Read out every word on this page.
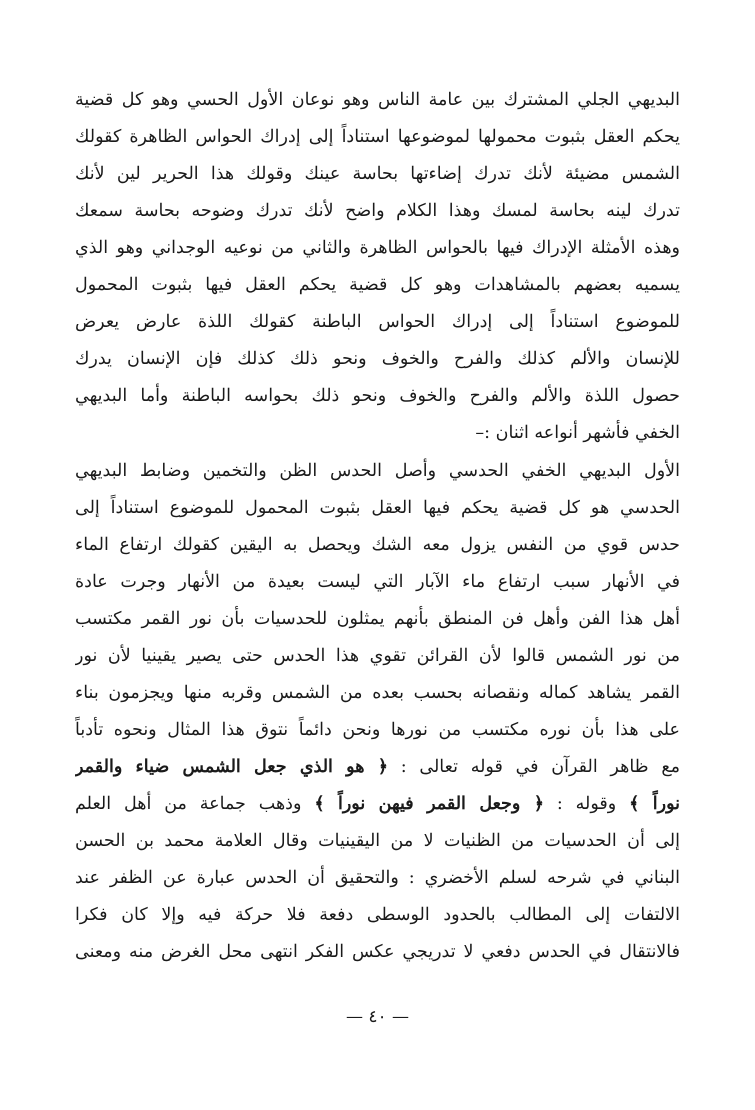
البديهي الجلي المشترك بين عامة الناس وهو نوعان الأول الحسي وهو كل قضية
يحكم العقل بثبوت محمولها لموضوعها استناداً إلى إدراك الحواس الظاهرة كقولك
الشمس مضيئة لأنك تدرك إضاءتها بحاسة عينك وقولك هذا الحرير لين لأنك
تدرك لينه بحاسة لمسك وهذا الكلام واضح لأنك تدرك وضوحه بحاسة سمعك
وهذه الأمثلة الإدراك فيها بالحواس الظاهرة والثاني من نوعيه الوجداني وهو الذي
يسميه بعضهم بالمشاهدات وهو كل قضية يحكم العقل فيها بثبوت المحمول
للموضوع استناداً إلى إدراك الحواس الباطنة كقولك اللذة عارض يعرض
للإنسان والألم كذلك والفرح والخوف ونحو ذلك كذلك فإن الإنسان يدرك
حصول اللذة والألم والفرح والخوف ونحو ذلك بحواسه الباطنة وأما البديهي
الخفي فأشهر أنواعه اثنان :–
الأول البديهي الخفي الحدسي وأصل الحدس الظن والتخمين وضابط البديهي
الحدسي هو كل قضية يحكم فيها العقل بثبوت المحمول للموضوع استناداً إلى
حدس قوي من النفس يزول معه الشك ويحصل به اليقين كقولك ارتفاع الماء
في الأنهار سبب ارتفاع ماء الآبار التي ليست بعيدة من الأنهار وجرت عادة
أهل هذا الفن وأهل فن المنطق بأنهم يمثلون للحدسيات بأن نور القمر مكتسب
من نور الشمس قالوا لأن القرائن تقوي هذا الحدس حتى يصير يقينيا لأن نور
القمر يشاهد كماله ونقصانه بحسب بعده من الشمس وقربه منها ويجزمون بناء
على هذا بأن نوره مكتسب من نورها ونحن دائماً نتوق هذا المثال ونحوه تأدباً
مع ظاهر القرآن في قوله تعالى : ﴿ هو الذي جعل الشمس ضياء والقمر
نوراً ﴾ وقوله : ﴿ وجعل القمر فيهن نوراً ﴾ وذهب جماعة من أهل العلم
إلى أن الحدسيات من الظنيات لا من اليقينيات وقال العلامة محمد بن الحسن
البناني في شرحه لسلم الأخضري : والتحقيق أن الحدس عبارة عن الظفر عند
الالتفات إلى المطالب بالحدود الوسطى دفعة فلا حركة فيه وإلا كان فكرا
فالانتقال في الحدس دفعي لا تدريجي عكس الفكر انتهى محل الغرض منه ومعنى
— ٤٠ —
